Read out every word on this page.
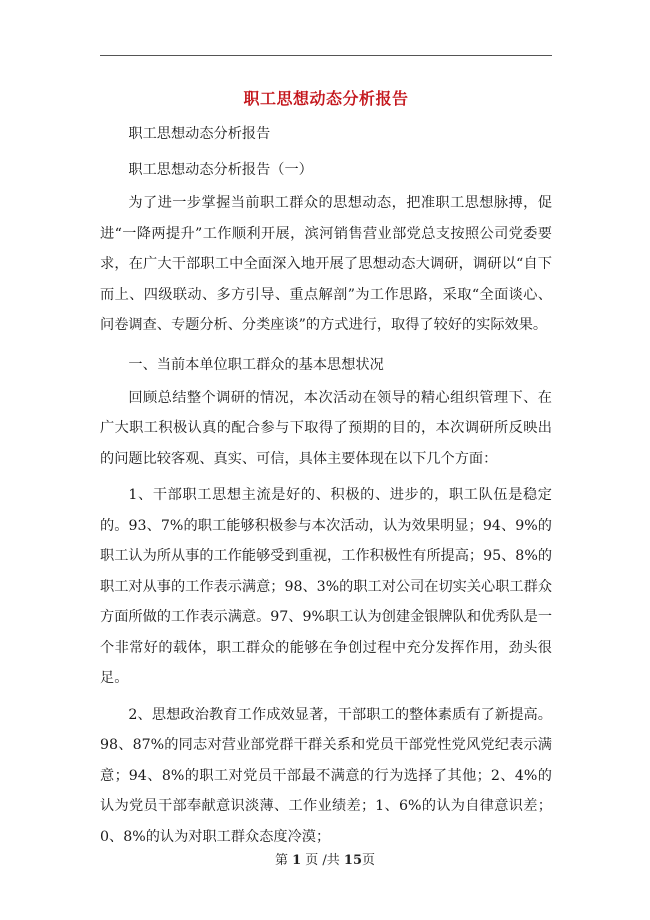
职工思想动态分析报告

职工思想动态分析报告

职工思想动态分析报告（一）

为了进一步掌握当前职工群众的思想动态，把准职工思想脉搏，促进“一降两提升”工作顺利开展，滨河销售营业部党总支按照公司党委要求，在广大干部职工中全面深入地开展了思想动态大调研，调研以“自下而上、四级联动、多方引导、重点解剖”为工作思路，采取“全面谈心、问卷调查、专题分析、分类座谈”的方式进行，取得了较好的实际效果。

一、当前本单位职工群众的基本思想状况

回顾总结整个调研的情况，本次活动在领导的精心组织管理下、在广大职工积极认真的配合参与下取得了预期的目的，本次调研所反映出的问题比较客观、真实、可信，具体主要体现在以下几个方面：

1、干部职工思想主流是好的、积极的、进步的，职工队伍是稳定的。93、7%的职工能够积极参与本次活动，认为效果明显；94、9%的职工认为所从事的工作能够受到重视，工作积极性有所提高；95、8%的职工对从事的工作表示满意；98、3%的职工对公司在切实关心职工群众方面所做的工作表示满意。97、9%职工认为创建金银牌队和优秀队是一个非常好的载体，职工群众的能够在争创过程中充分发挥作用，劲头很足。

2、思想政治教育工作成效显著，干部职工的整体素质有了新提高。98、87%的同志对营业部党群干群关系和党员干部党性党风党纪表示满意；94、8%的职工对党员干部最不满意的行为选择了其他；2、4%的认为党员干部奉献意识淡薄、工作业绩差；1、6%的认为自律意识差；0、8%的认为对职工群众态度冷漠；

第 1 页 /共 15页
